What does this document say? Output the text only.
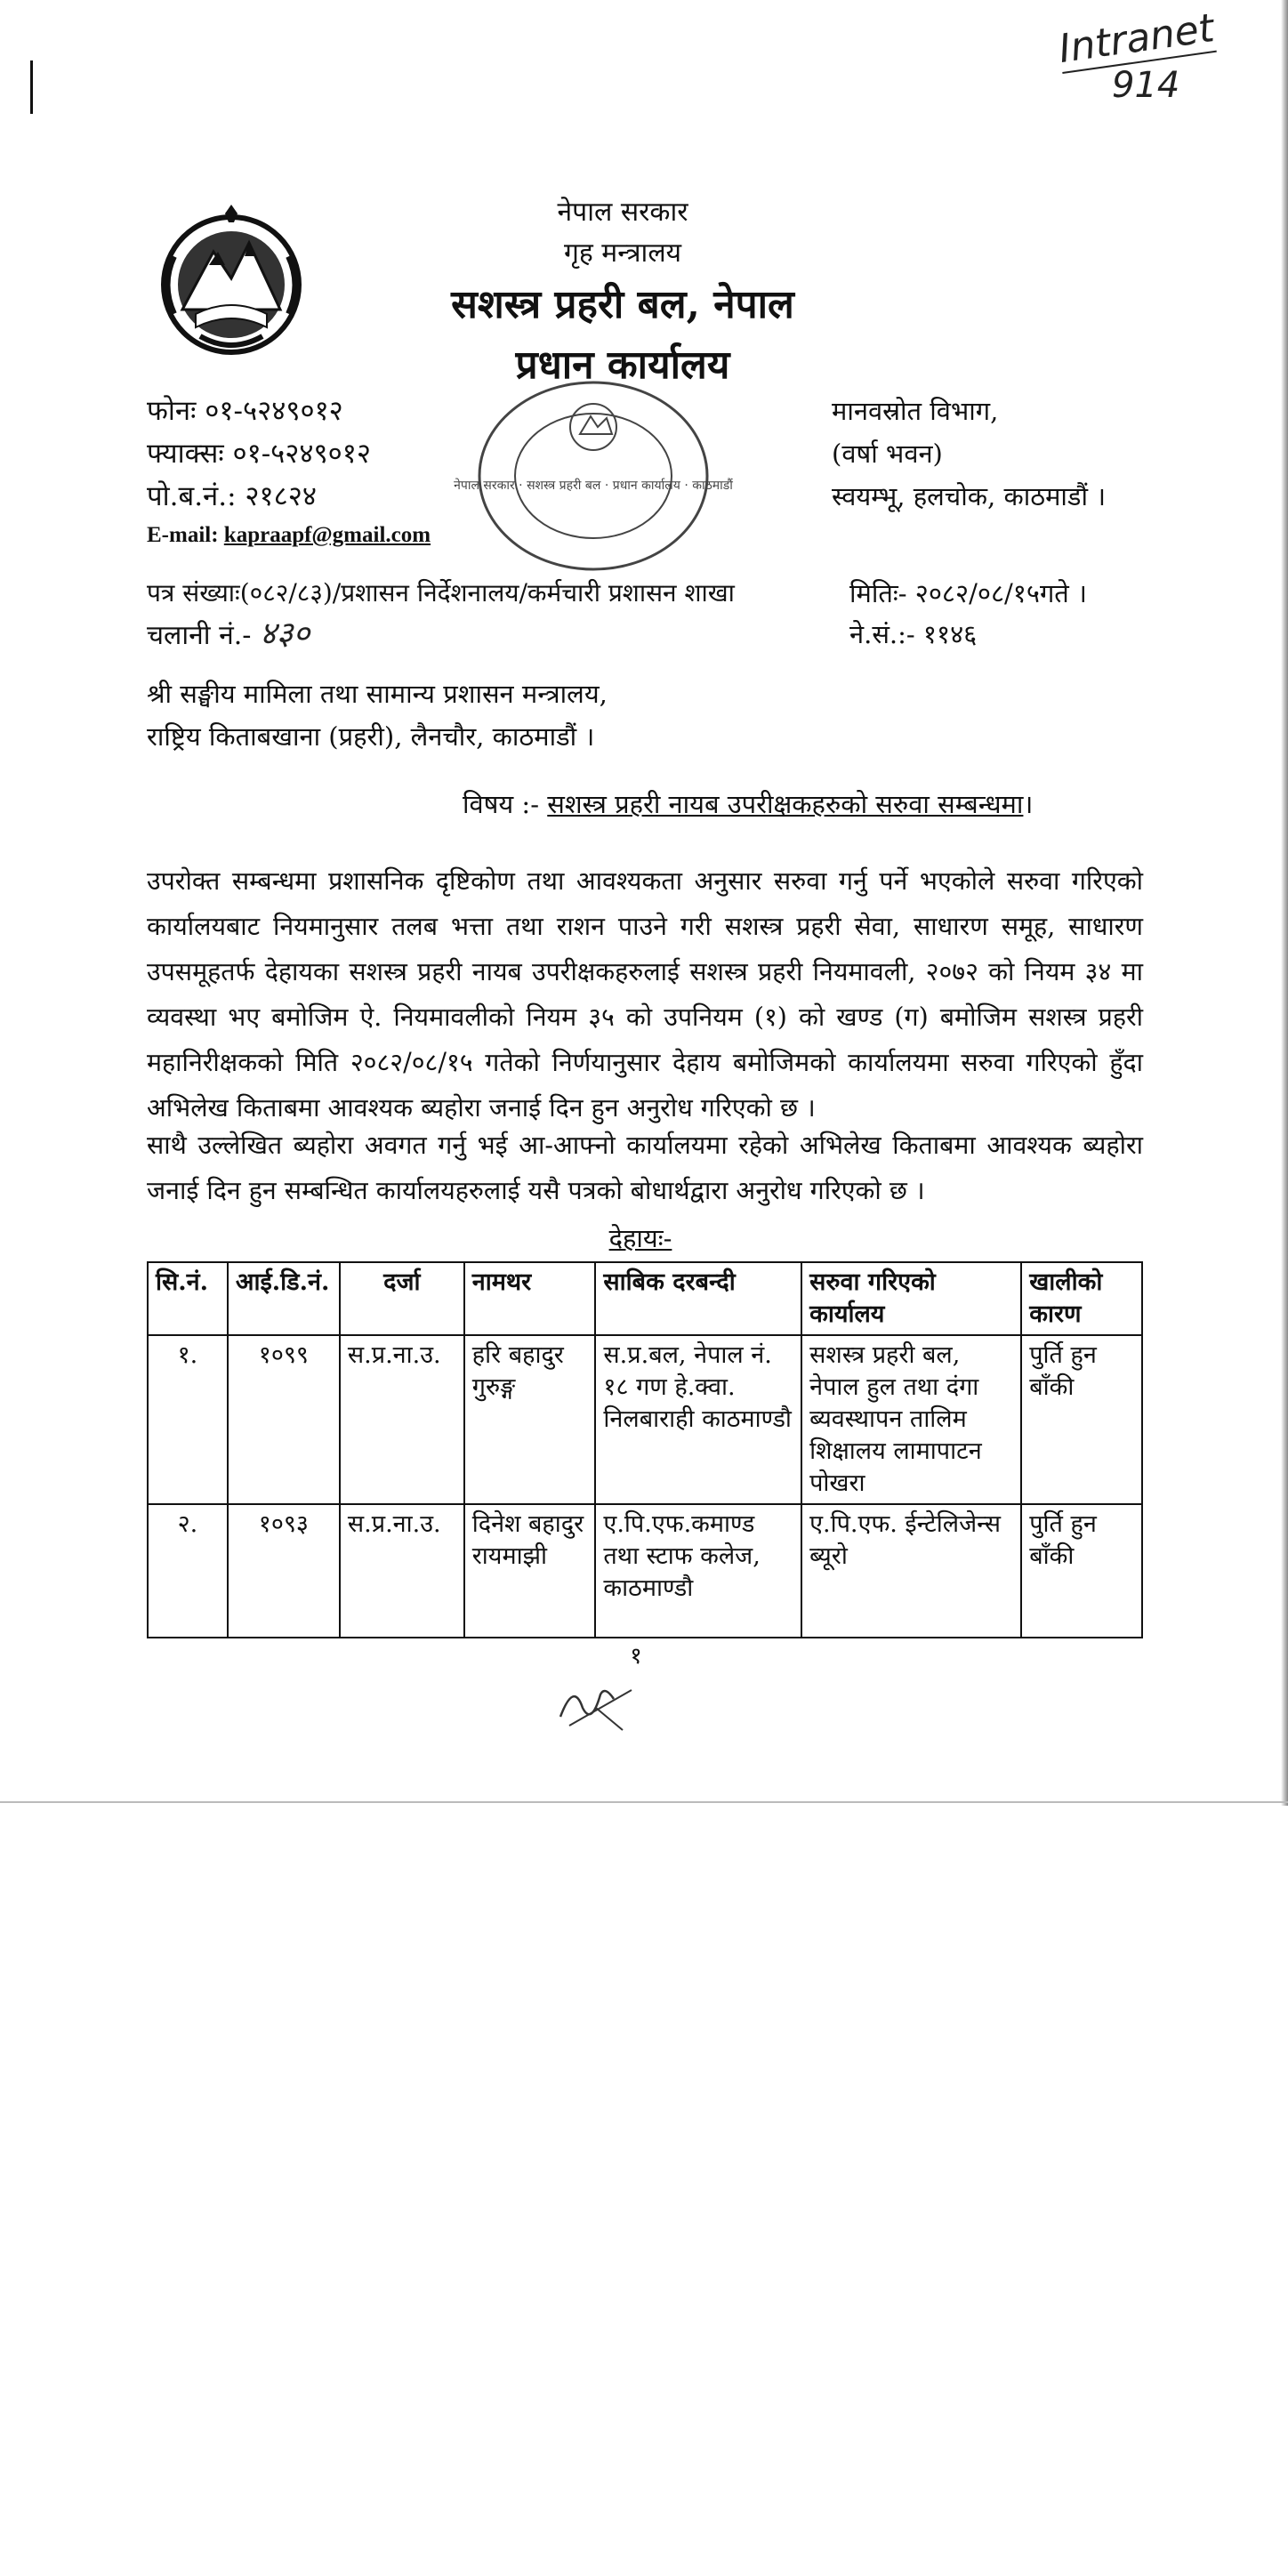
Intranet
914
नेपाल सरकार
गृह मन्त्रालय
सशस्त्र प्रहरी बल, नेपाल
प्रधान कार्यालय
नेपाल सरकार · सशस्त्र प्रहरी बल · प्रधान कार्यालय · काठमाडौं
फोनः ०१-५२४९०१२
फ्याक्सः ०१-५२४९०१२
पो.ब.नं.: २१८२४
E-mail: kapraapf@gmail.com
मानवस्रोत विभाग,
(वर्षा भवन)
स्वयम्भू, हलचोक, काठमाडौं ।
पत्र संख्याः(०८२/८३)/प्रशासन निर्देशनालय/कर्मचारी प्रशासन शाखा	मितिः- २०८२/०८/१५गते ।
चलानी नं.- ४३०	ने.सं.:- ११४६
श्री सङ्घीय मामिला तथा सामान्य प्रशासन मन्त्रालय,
राष्ट्रिय किताबखाना (प्रहरी), लैनचौर, काठमाडौं ।
विषय :- सशस्त्र प्रहरी नायब उपरीक्षकहरुको सरुवा सम्बन्धमा।
उपरोक्त सम्बन्धमा प्रशासनिक दृष्टिकोण तथा आवश्यकता अनुसार सरुवा गर्नु पर्ने भएकोले सरुवा गरिएको कार्यालयबाट नियमानुसार तलब भत्ता तथा राशन पाउने गरी सशस्त्र प्रहरी सेवा, साधारण समूह, साधारण उपसमूहतर्फ देहायका सशस्त्र प्रहरी नायब उपरीक्षकहरुलाई सशस्त्र प्रहरी नियमावली, २०७२ को नियम ३४ मा व्यवस्था भए बमोजिम ऐ. नियमावलीको नियम ३५ को उपनियम (१) को खण्ड (ग) बमोजिम सशस्त्र प्रहरी महानिरीक्षकको मिति २०८२/०८/१५ गतेको निर्णयानुसार देहाय बमोजिमको कार्यालयमा सरुवा गरिएको हुँदा अभिलेख किताबमा आवश्यक ब्यहोरा जनाई दिन हुन अनुरोध गरिएको छ ।
साथै उल्लेखित ब्यहोरा अवगत गर्नु भई आ-आफ्नो कार्यालयमा रहेको अभिलेख किताबमा आवश्यक ब्यहोरा जनाई दिन हुन सम्बन्धित कार्यालयहरुलाई यसै पत्रको बोधार्थद्वारा अनुरोध गरिएको छ ।
देहायः-
सि.नं.	आई.डि.नं.	दर्जा	नामथर	साबिक दरबन्दी	सरुवा गरिएको कार्यालय	खालीको कारण
१.	१०९९	स.प्र.ना.उ.	हरि बहादुर गुरुङ्ग	स.प्र.बल, नेपाल नं. १८ गण हे.क्वा. निलबाराही काठमाण्डौ	सशस्त्र प्रहरी बल, नेपाल हुल तथा दंगा ब्यवस्थापन तालिम शिक्षालय लामापाटन पोखरा	पुर्ति हुन बाँकी
२.	१०९३	स.प्र.ना.उ.	दिनेश बहादुर रायमाझी	ए.पि.एफ.कमाण्ड तथा स्टाफ कलेज, काठमाण्डौ	ए.पि.एफ. ईन्टेलिजेन्स ब्यूरो	पुर्ति हुन बाँकी
१
